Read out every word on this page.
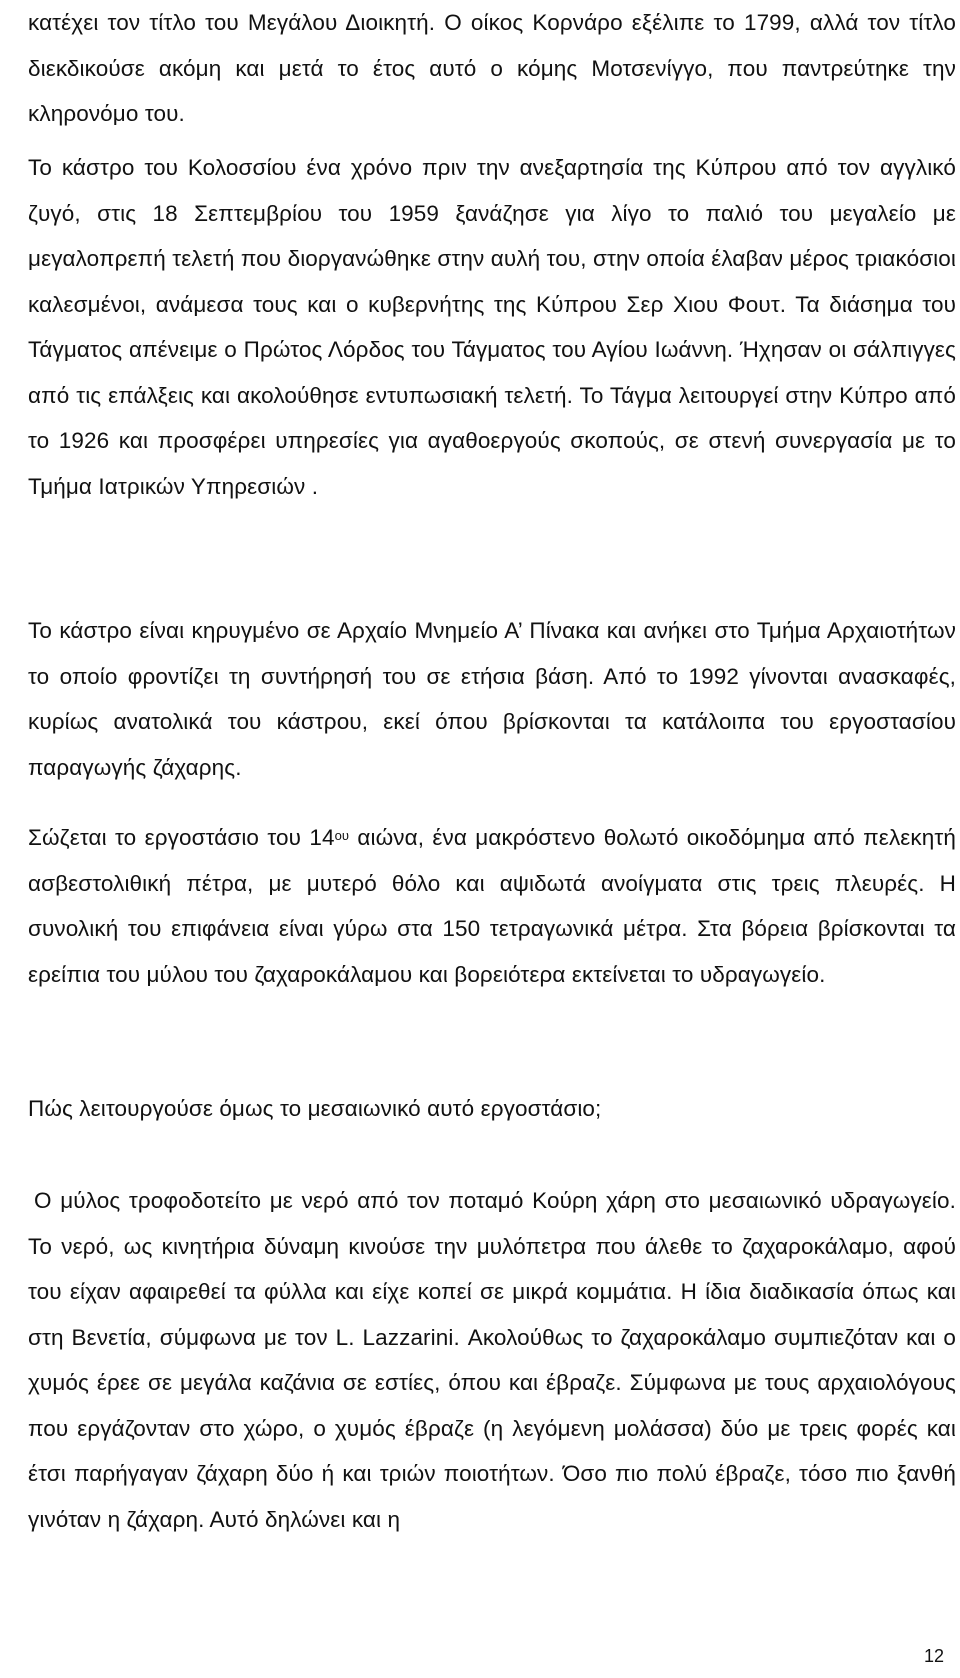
κατέχει τον τίτλο του Μεγάλου Διοικητή. Ο οίκος Κορνάρο εξέλιπε το 1799, αλλά τον τίτλο διεκδικούσε ακόμη και μετά το έτος αυτό ο κόμης Μοτσενίγγο, που παντρεύτηκε την κληρονόμο του.

Το κάστρο του Κολοσσίου ένα χρόνο πριν την ανεξαρτησία της Κύπρου από τον αγγλικό ζυγό, στις 18 Σεπτεμβρίου του 1959 ξανάζησε για λίγο το παλιό του μεγαλείο με μεγαλοπρεπή τελετή που διοργανώθηκε στην αυλή του, στην οποία έλαβαν μέρος τριακόσιοι καλεσμένοι, ανάμεσα τους και ο κυβερνήτης της Κύπρου Σερ Χιου Φουτ. Τα διάσημα του Τάγματος απένειμε ο Πρώτος Λόρδος του Τάγματος του Αγίου Ιωάννη. Ήχησαν οι σάλπιγγες από τις επάλξεις και ακολούθησε εντυπωσιακή τελετή. Το Τάγμα λειτουργεί στην Κύπρο από το 1926 και προσφέρει υπηρεσίες για αγαθοεργούς σκοπούς, σε στενή συνεργασία με το Τμήμα Ιατρικών Υπηρεσιών .

Το κάστρο είναι κηρυγμένο σε Αρχαίο Μνημείο Α’ Πίνακα και ανήκει στο Τμήμα Αρχαιοτήτων το οποίο φροντίζει τη συντήρησή του σε ετήσια βάση. Από το 1992 γίνονται ανασκαφές, κυρίως ανατολικά του κάστρου, εκεί όπου βρίσκονται τα κατάλοιπα του εργοστασίου παραγωγής ζάχαρης.

Σώζεται το εργοστάσιο του $14^{o\upsilon}$ αιώνα, ένα μακρόστενο θολωτό οικοδόμημα από πελεκητή ασβεστολιθική πέτρα, με μυτερό θόλο και αψιδωτά ανοίγματα στις τρεις πλευρές. Η συνολική του επιφάνεια είναι γύρω στα 150 τετραγωνικά μέτρα. Στα βόρεια βρίσκονται τα ερείπια του μύλου του ζαχαροκάλαμου και βορειότερα εκτείνεται το υδραγωγείο.

Πώς λειτουργούσε όμως το μεσαιωνικό αυτό εργοστάσιο;

Ο μύλος τροφοδοτείτο με νερό από τον ποταμό Κούρη χάρη στο μεσαιωνικό υδραγωγείο. Το νερό, ως κινητήρια δύναμη κινούσε την μυλόπετρα που άλεθε το ζαχαροκάλαμο, αφού του είχαν αφαιρεθεί τα φύλλα και είχε κοπεί σε μικρά κομμάτια. Η ίδια διαδικασία όπως και στη Βενετία, σύμφωνα με τον L. Lazzarini. Ακολούθως το ζαχαροκάλαμο συμπιεζόταν και ο χυμός έρεε σε μεγάλα καζάνια σε εστίες, όπου και έβραζε. Σύμφωνα με τους αρχαιολόγους που εργάζονταν στο χώρο, ο χυμός έβραζε (η λεγόμενη μολάσσα) δύο με τρεις φορές και έτσι παρήγαγαν ζάχαρη δύο ή και τριών ποιοτήτων. Όσο πιο πολύ έβραζε, τόσο πιο ξανθή γινόταν η ζάχαρη. Αυτό δηλώνει και η

12
